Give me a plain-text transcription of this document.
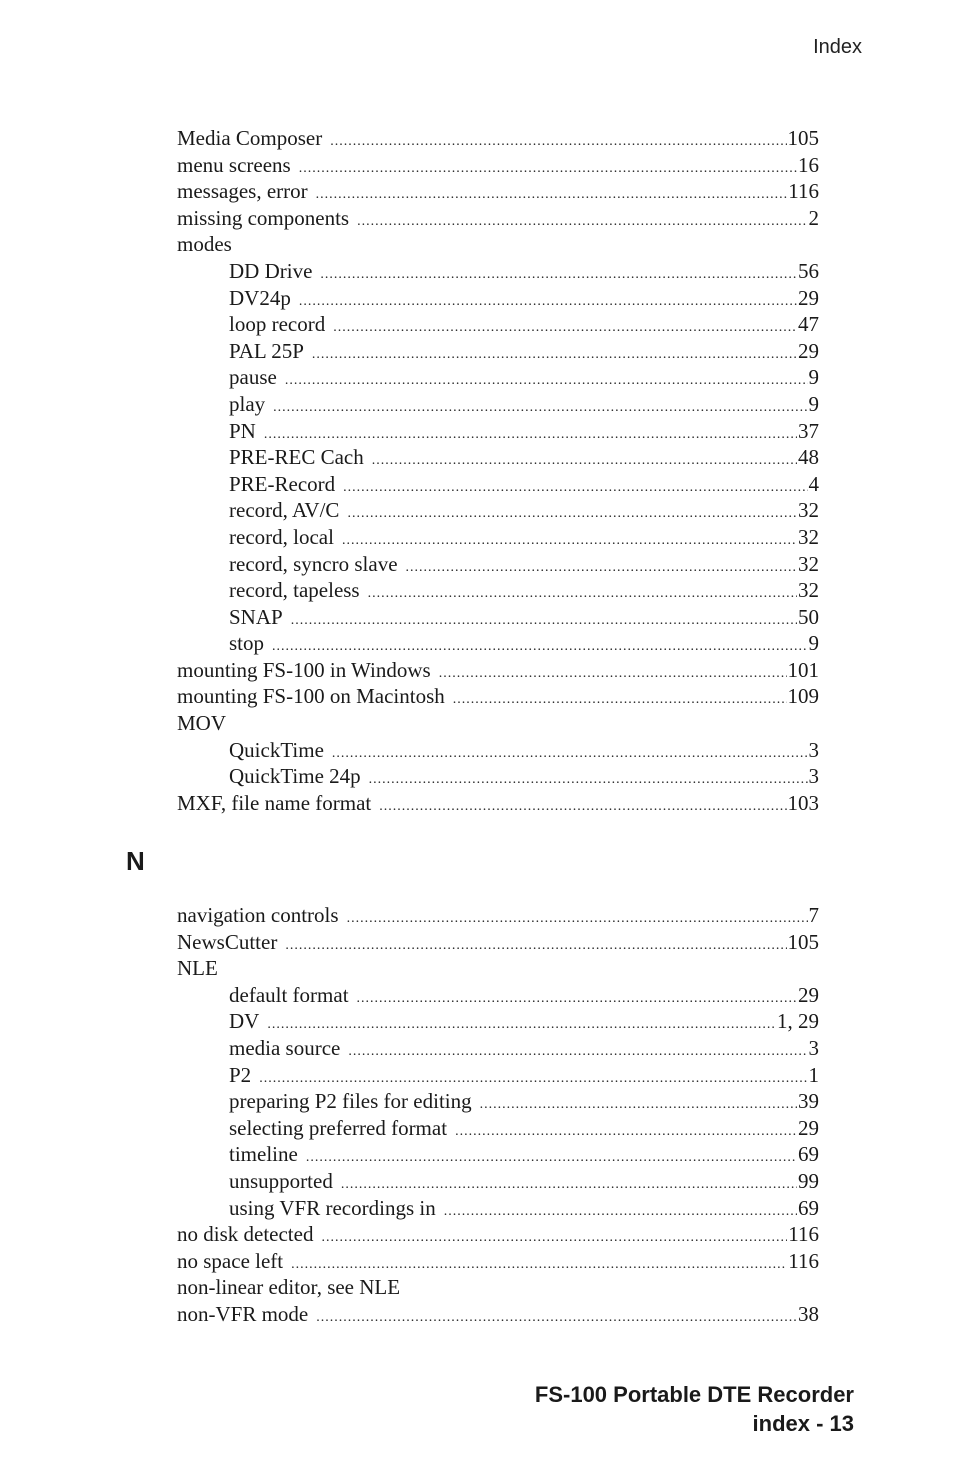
Index
Media Composer .....	105
menu screens .....	16
messages, error .....	116
missing components .....	2
modes
DD Drive .....	56
DV24p .....	29
loop record .....	47
PAL 25P .....	29
pause .....	9
play .....	9
PN .....	37
PRE-REC Cach .....	48
PRE-Record .....	4
record, AV/C .....	32
record, local .....	32
record, syncro slave .....	32
record, tapeless .....	32
SNAP .....	50
stop .....	9
mounting FS-100 in Windows .....	101
mounting FS-100 on Macintosh .....	109
MOV
QuickTime .....	3
QuickTime 24p .....	3
MXF, file name format .....	103
N
navigation controls .....	7
NewsCutter .....	105
NLE
default format .....	29
DV .....	1, 29
media source .....	3
P2 .....	1
preparing P2 files for editing .....	39
selecting preferred format .....	29
timeline .....	69
unsupported .....	99
using VFR recordings in .....	69
no disk detected .....	116
no space left .....	116
non-linear editor, see NLE
non-VFR mode .....	38
FS-100 Portable DTE Recorder
index - 13
